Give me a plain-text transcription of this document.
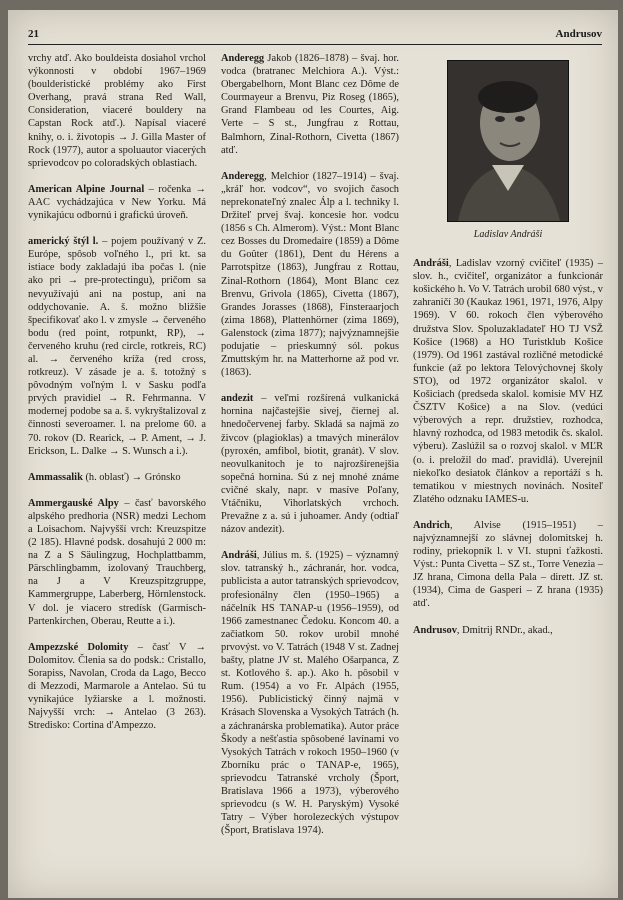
21	Andrusov

vrchy atď. Ako bouldeista dosiahol vrchol výkonnosti v období 1967–1969 (boulderistické problémy ako First Overhang, pravá strana Red Wall, Consideration, viaceré bouldery na Capstan Rock atď.). Napísal viaceré knihy, o. i. životopis → J. Gilla Master of Rock (1977), autor a spoluautor viacerých sprievodcov po coloradských oblastiach.

American Alpine Journal – ročenka → AAC vychádzajúca v New Yorku. Má vynikajúcu odbornú i grafickú úroveň.

americký štýl l. – pojem používaný v Z. Európe, spôsob voľného l., pri kt. sa istiace body zakladajú iba počas l. (nie ako pri → pre-protectingu), pričom sa nevyužívajú ani na postup, ani na oddychovanie. A. š. možno bližšie špecifikovať ako l. v zmysle → červeného bodu (red point, rotpunkt, RP), → červeného kruhu (red circle, rotkreis, RC) al. → červeného kríža (red cross, rotkreuz). V zásade je a. š. totožný s pôvodným voľným l. v Sasku podľa prvých pravidiel → R. Fehrmanna. V modernej podobe sa a. š. vykryštalizoval z činnosti severoamer. l. na prelome 60. a 70. rokov (D. Rearick, → P. Ament, → J. Erickson, L. Dalke → S. Wunsch a i.).

Ammassalik (h. oblasť) → Grónsko

Ammergauské Alpy – časť bavorského alpského predhoria (NSR) medzi Lechom a Loisachom. Najvyšší vrch: Kreuzspitze (2 185). Hlavné podsk. dosahujú 2 000 m: na Z a S Säulingzug, Hochplattbamm, Pärschlingbamm, izolovaný Trauchberg, na J a V Kreuzspitzgruppe, Kammergruppe, Laberberg, Hörnlenstock. V dol. je viacero stredísk (Garmisch-Partenkirchen, Oberau, Reutte a i.).

Ampezzské Dolomity – časť V → Dolomitov. Členia sa do podsk.: Cristallo, Sorapiss, Navolan, Croda da Lago, Becco di Mezzodi, Marmarole a Antelao. Sú tu vynikajúce lyžiarske a l. možnosti. Najvyšší vrch: → Antelao (3 263). Stredisko: Cortina d'Ampezzo.

Anderegg Jakob (1826–1878) – švaj. hor. vodca (bratranec Melchiora A.). Výst.: Obergabelhorn, Mont Blanc cez Dôme de Courmayeur a Brenvu, Piz Roseg (1865), Grand Flambeau od les Courtes, Aig. Verte – S st., Jungfrau z Rottau, Balmhorn, Zinal-Rothorn, Civetta (1867) atď.

Anderegg, Melchior (1827–1914) – švaj. „kráľ hor. vodcov“, vo svojich časoch neprekonateľný znalec Álp a l. techniky l. Držiteľ prvej švaj. koncesie hor. vodcu (1856 s Ch. Almerom). Výst.: Mont Blanc cez Bosses du Dromedaire (1859) a Dôme du Goûter (1861), Dent du Hérens a Parrotspitze (1863), Jungfrau z Rottau, Zinal-Rothorn (1864), Mont Blanc cez Brenvu, Grivola (1865), Civetta (1867), Grandes Jorasses (1868), Finsteraarjoch (zima 1868), Plattenhörner (zima 1869), Galenstock (zima 1877); najvýznamnejšie podujatie – prieskumný sól. pokus Zmuttským hr. na Matterhorne až pod vr. (1863).

andezit – veľmi rozšírená vulkanická hornina najčastejšie sivej, čiernej al. hnedočervenej farby. Skladá sa najmä zo živcov (plagioklas) a tmavých minerálov (pyroxén, amfibol, biotit, granát). V slov. neovulkanitoch je to najrozšírenejšia sopečná hornina. Sú z nej mnohé známe cvičné skaly, napr. v masíve Poľany, Vtáčniku, Vihorlatských vrchoch. Prevažne z a. sú i juhoamer. Andy (odtiaľ názov andezit).

Andráši, Július m. š. (1925) – významný slov. tatranský h., záchranár, hor. vodca, publicista a autor tatranských sprievodcov, profesionálny člen (1950–1965) a náčelník HS TANAP-u (1956–1959), od 1966 zamestnanec Čedoku. Koncom 40. a začiatkom 50. rokov urobil mnohé prvovýst. vo V. Tatrách (1948 V st. Zadnej bašty, platne JV st. Malého Ošarpanca, Z st. Kotlového š. ap.). Ako h. pôsobil v Rum. (1954) a vo Fr. Alpách (1955, 1956). Publicistický činný najmä v Krásach Slovenska a Vysokých Tatrách (h. a záchranárska problematika). Autor práce Škody a nešťastia spôsobené lavínami vo Vysokých Tatrách v rokoch 1950–1960 (v Zborníku prác o TANAP-e, 1965), sprievodcu Tatranské vrcholy (Šport, Bratislava 1966 a 1973), výberového sprievodcu (s W. H. Paryským) Vysoké Tatry – Výber horolezeckých výstupov (Šport, Bratislava 1974).

Ladislav Andráši

Andráši, Ladislav vzorný cvičiteľ (1935) – slov. h., cvičiteľ, organizátor a funkcionár košického h. Vo V. Tatrách urobil 680 výst., v zahraničí 30 (Kaukaz 1961, 1971, 1976, Alpy 1969). V 60. rokoch člen výberového družstva Slov. Spoluzakladateľ HO TJ VSŽ Košice (1968) a HO Turistklub Košice (1979). Od 1961 zastával rozličné metodické funkcie (až po lektora Telovýchovnej školy STO), od 1972 organizátor skalol. v Košiciach (predseda skalol. komisie MV HZ ČSZTV Košice) a na Slov. (vedúci výberových a repr. družstiev, rozhodca, hlavný rozhodca, od 1983 metodik čs. skalol. výberu). Zaslúžil sa o rozvoj skalol. v MĽR (o. i. preložil do maď. pravidlá). Uverejnil niekoľko desiatok článkov a reportáží s h. tematikou v miestnych novinách. Nositeľ Zlatého odznaku IAMES-u.

Andrich, Alvise (1915–1951) – najvýznamnejší zo slávnej dolomitskej h. rodiny, priekopník l. v VI. stupni ťažkosti. Výst.: Punta Civetta – SZ st., Torre Venezia – JZ hrana, Cimona della Pala – dirett. JZ st. (1934), Cima de Gasperi – Z hrana (1935) atď.

Andrusov, Dmitrij RNDr., akad.,
